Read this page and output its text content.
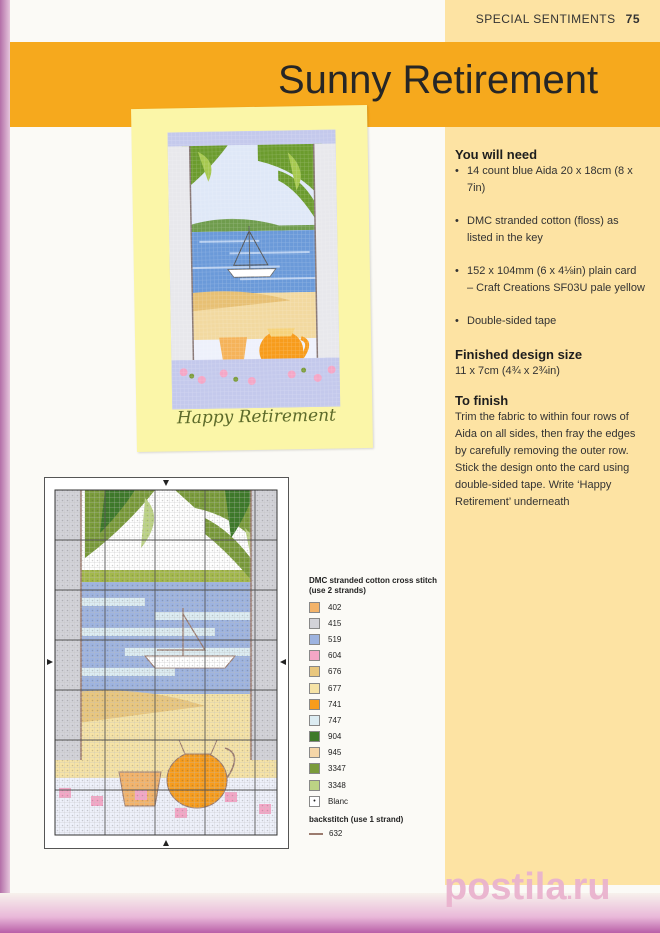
SPECIAL SENTIMENTS 75
Sunny Retirement
Happy Retirement
DMC stranded cotton cross stitch (use 2 strands)
402
415
519
604
676
677
741
747
904
945
3347
3348
•	Blanc
backstitch (use 1 strand)
632
You will need
• 14 count blue Aida 20 x 18cm (8 x 7in)
• DMC stranded cotton (floss) as listed in the key
• 152 x 104mm (6 x 4⅛in) plain card – Craft Creations SF03U pale yellow
• Double-sided tape
Finished design size

11 x 7cm (4¾ x 2¾in)

To finish

Trim the fabric to within four rows of Aida on all sides, then fray the edges by carefully removing the outer row. Stick the design onto the card using double-sided tape. Write ‘Happy Retirement’ underneath

postila.ru
